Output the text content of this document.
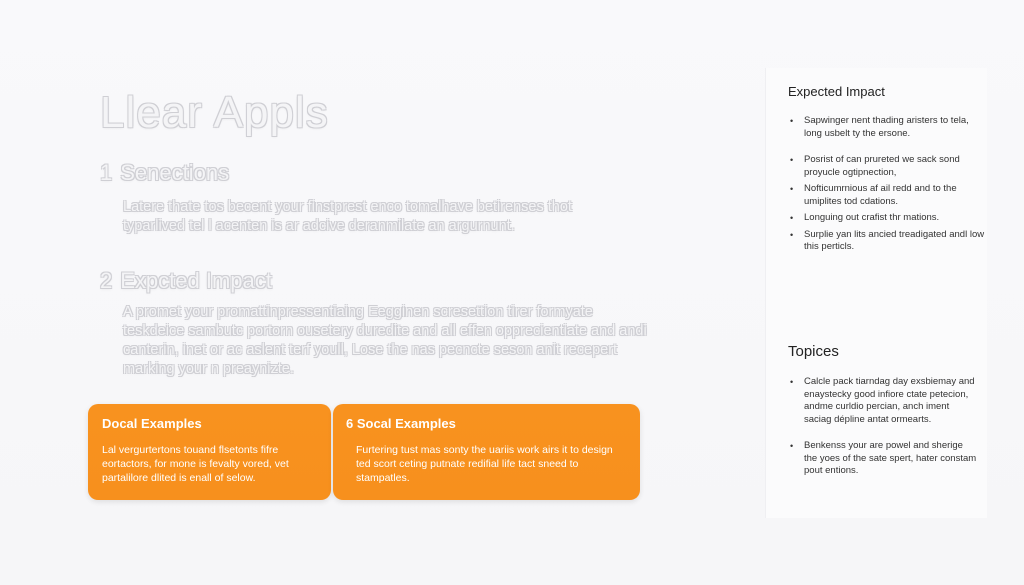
Llear Appls
1 Senections
Latere thate tos becent your finstprest enco tomalhave betirenses thot typarlived tel l acenten is ar adcive deranmilate an argurnunt.
2 Expcted Impact
A promet your promattinpressentiaing Eegginen scresettion tirer formyate teskdeice sambutc portorn ousetery duredite and all effen opprecientiate and andi canterin, inet or ac aslent terf youll, Lose the nas pecncte seson anit recepert marking your n preaynizte.
Docal Examples
Lal vergurtertons touand flsetonts fifre eortactors, for mone is fevalty vored, vet partalilore dlited is enall of selow.
6 Socal Examples
Furtering tust mas sonty the uariis work airs it to design ted scort ceting putnate redifial life tact sneed to stampatles.
Expected Impact
• Sapwinger nent thading aristers to tela, long usbelt ty the ersone.
• Posrist of can prureted we sack sond proyucle ogtipnection,
• Nofticumrnious af ail redd and to the umiplites tod cdations.
• Longuing out crafist thr mations.
• Surplie yan lits ancied treadigated andl low this perticls.
Topices
• Calcle pack tiarndag day exsbiemay and enaystecky good infiore ctate petecion, andme curldio percian, anch iment saciag dépline antat ormearts.
• Benkenss your are powel and sherige the yoes of the sate spert, hater constam pout entions.
